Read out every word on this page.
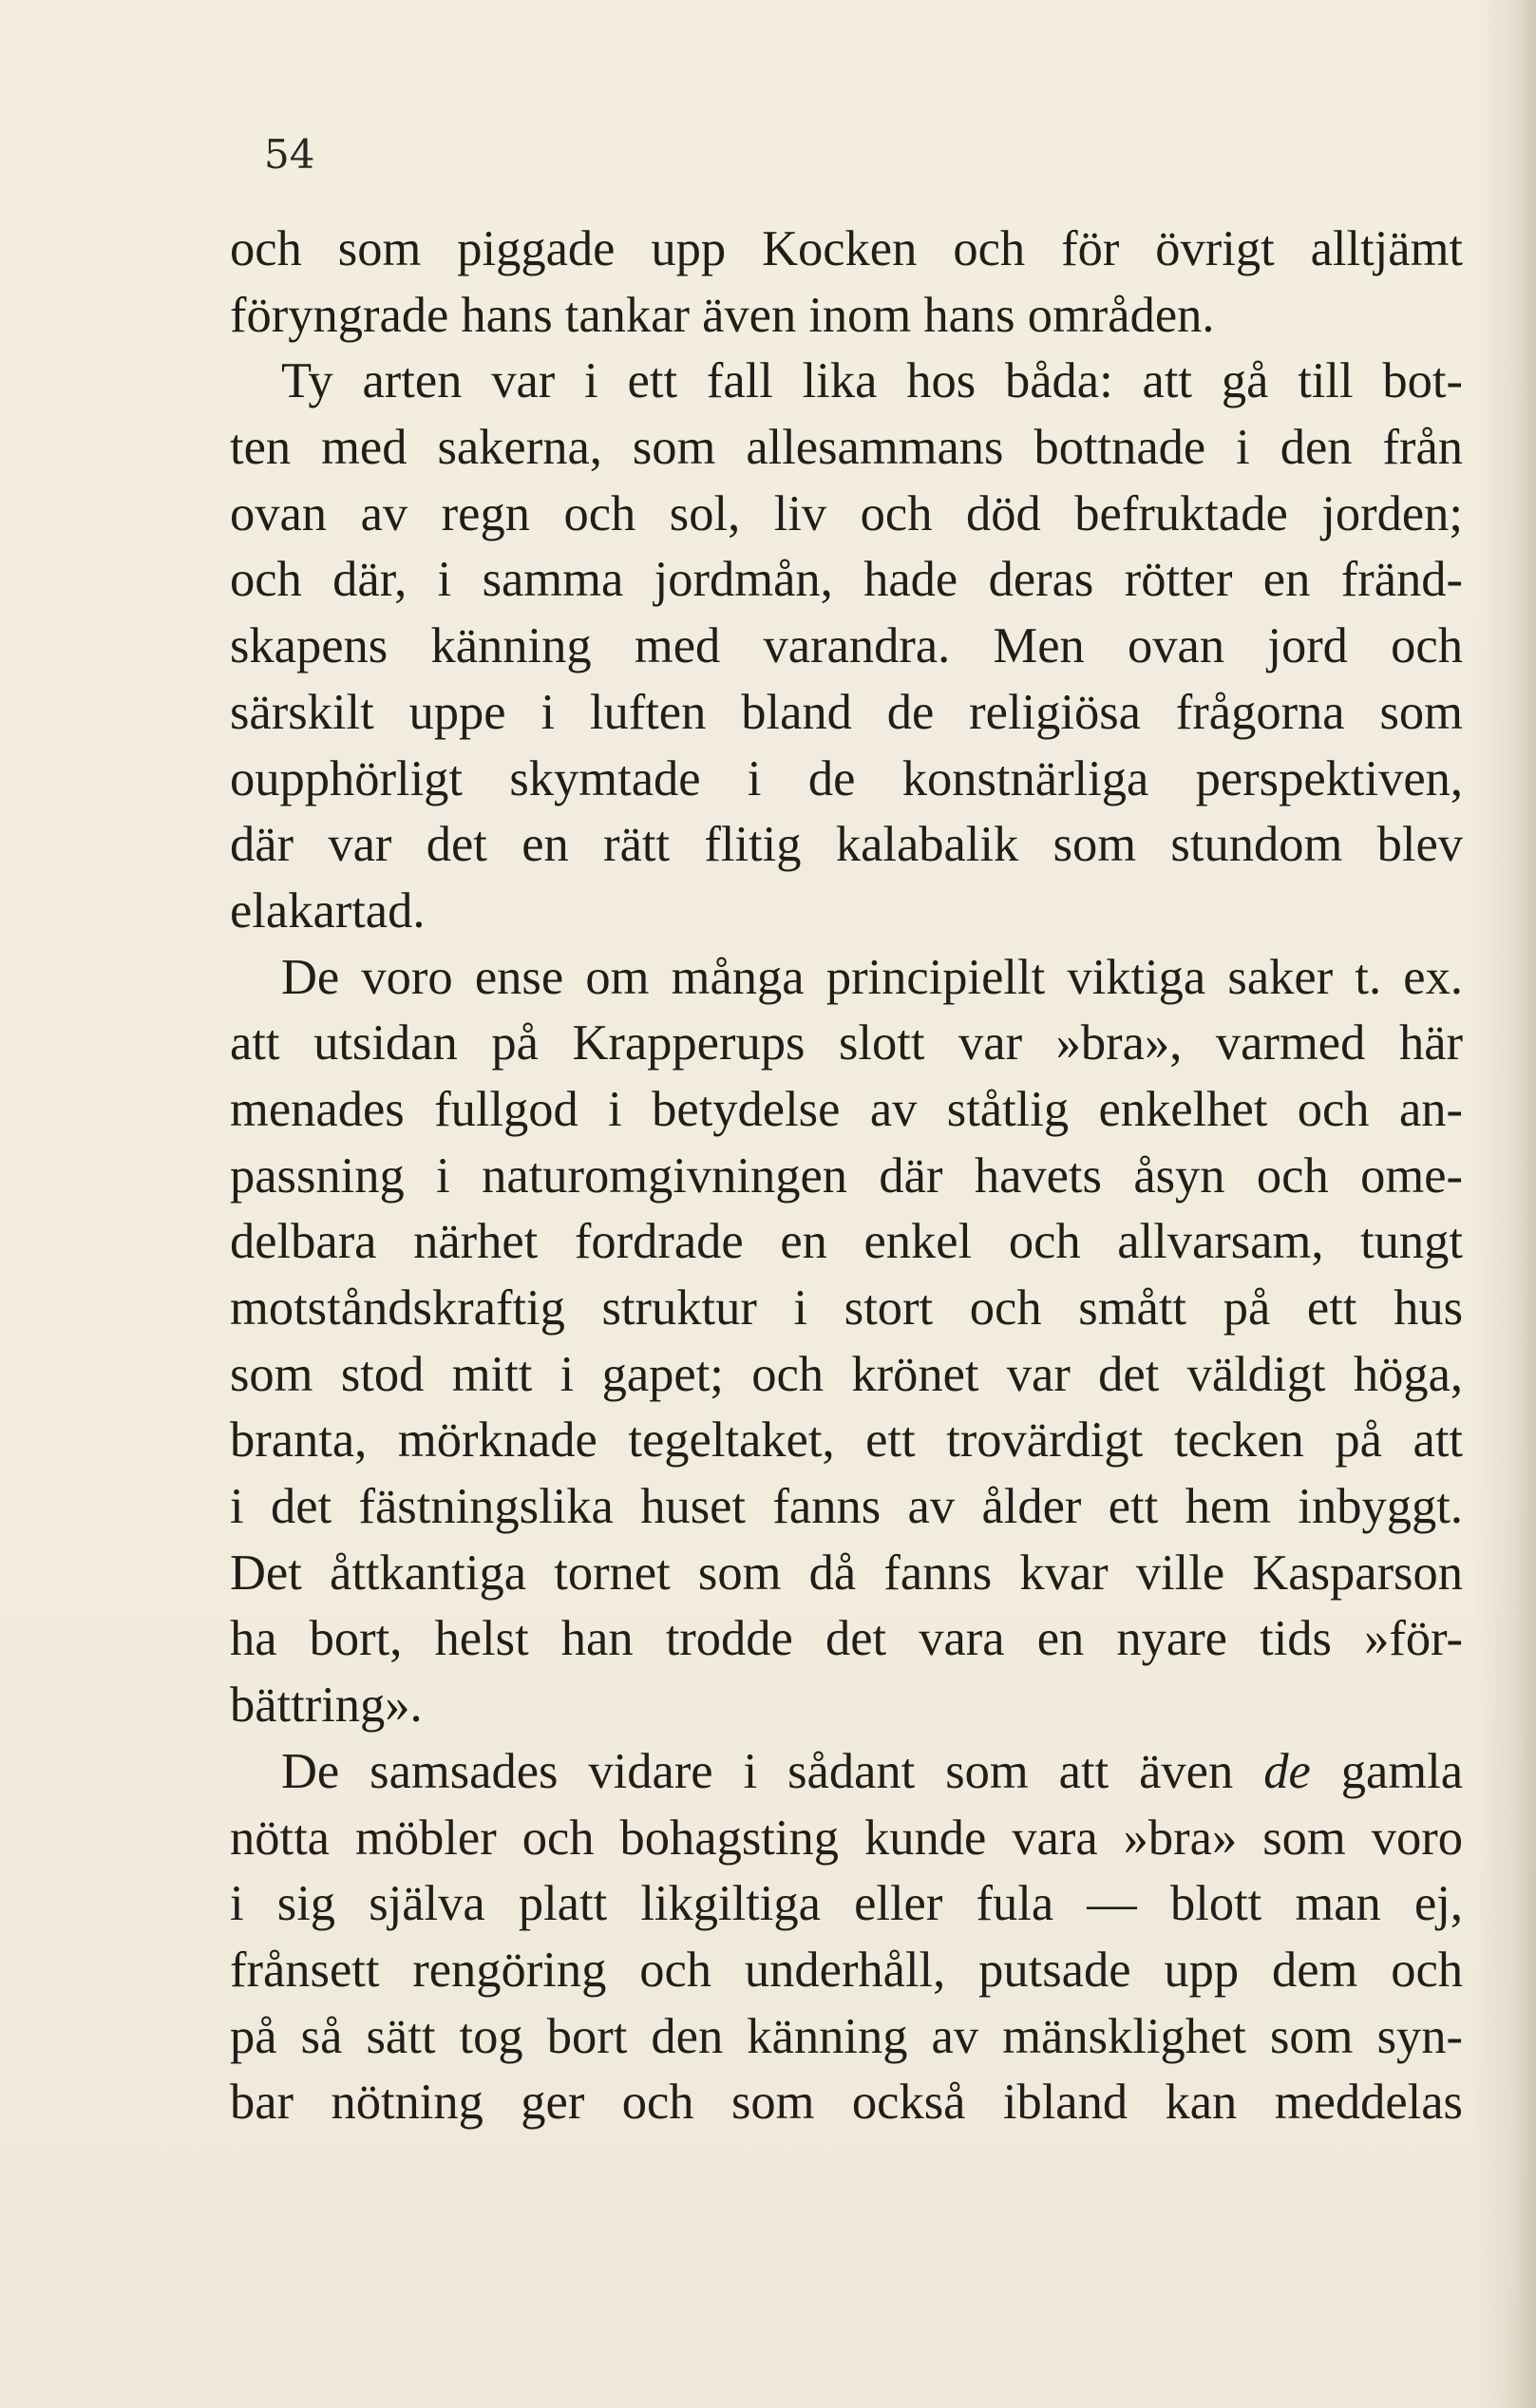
54
och som piggade upp Kocken och för övrigt alltjämt
föryngrade hans tankar även inom hans områden.
Ty arten var i ett fall lika hos båda: att gå till bot-
ten med sakerna, som allesammans bottnade i den från
ovan av regn och sol, liv och död befruktade jorden;
och där, i samma jordmån, hade deras rötter en fränd-
skapens känning med varandra. Men ovan jord och
särskilt uppe i luften bland de religiösa frågorna som
oupphörligt skymtade i de konstnärliga perspektiven,
där var det en rätt flitig kalabalik som stundom blev
elakartad.
De voro ense om många principiellt viktiga saker t. ex.
att utsidan på Krapperups slott var »bra», varmed här
menades fullgod i betydelse av ståtlig enkelhet och an-
passning i naturomgivningen där havets åsyn och ome-
delbara närhet fordrade en enkel och allvarsam, tungt
motståndskraftig struktur i stort och smått på ett hus
som stod mitt i gapet; och krönet var det väldigt höga,
branta, mörknade tegeltaket, ett trovärdigt tecken på att
i det fästningslika huset fanns av ålder ett hem inbyggt.
Det åttkantiga tornet som då fanns kvar ville Kasparson
ha bort, helst han trodde det vara en nyare tids »för-
bättring».
De samsades vidare i sådant som att även de gamla
nötta möbler och bohagsting kunde vara »bra» som voro
i sig själva platt likgiltiga eller fula — blott man ej,
frånsett rengöring och underhåll, putsade upp dem och
på så sätt tog bort den känning av mänsklighet som syn-
bar nötning ger och som också ibland kan meddelas
